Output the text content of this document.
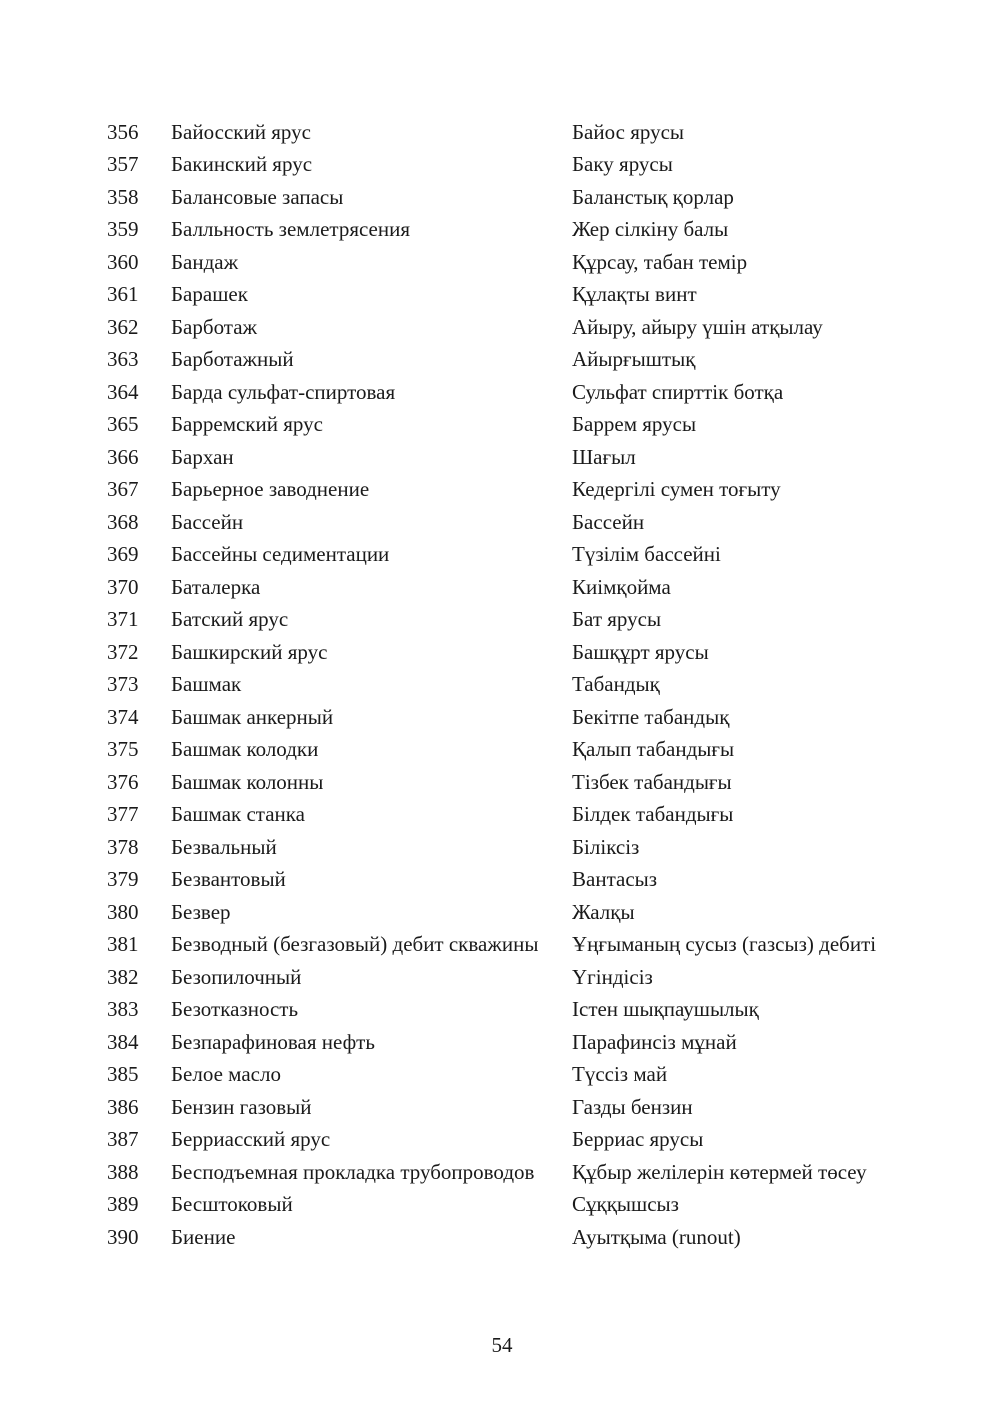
356	Байосский ярус	Байос ярусы
357	Бакинский ярус	Баку ярусы
358	Балансовые запасы	Баланстық қорлар
359	Балльность землетрясения	Жер сілкіну балы
360	Бандаж	Құрсау, табан темір
361	Барашек	Құлақты винт
362	Барботаж	Айыру, айыру үшін атқылау
363	Барботажный	Айырғыштық
364	Барда сульфат-спиртовая	Сульфат спирттік ботқа
365	Барремский ярус	Баррем ярусы
366	Бархан	Шағыл
367	Барьерное заводнение	Кедергілі сумен тоғыту
368	Бассейн	Бассейн
369	Бассейны седиментации	Түзілім бассейні
370	Баталерка	Киімқойма
371	Батский ярус	Бат ярусы
372	Башкирский ярус	Башқұрт ярусы
373	Башмак	Табандық
374	Башмак анкерный	Бекітпе табандық
375	Башмак колодки	Қалып табандығы
376	Башмак колонны	Тізбек табандығы
377	Башмак станка	Білдек табандығы
378	Безвальный	Біліксіз
379	Безвантовый	Вантасыз
380	Безвер	Жалқы
381	Безводный (безгазовый) дебит скважины	Ұңғыманың сусыз (газсыз) дебиті
382	Безопилочный	Үгіндісіз
383	Безотказность	Істен шықпаушылық
384	Безпарафиновая нефть	Парафинсіз мұнай
385	Белое масло	Түссіз май
386	Бензин газовый	Газды бензин
387	Берриасский ярус	Берриас ярусы
388	Бесподъемная прокладка трубопроводов	Құбыр желілерін көтермей төсеу
389	Бесштоковый	Сұққышсыз
390	Биение	Ауытқыма (runout)
54
